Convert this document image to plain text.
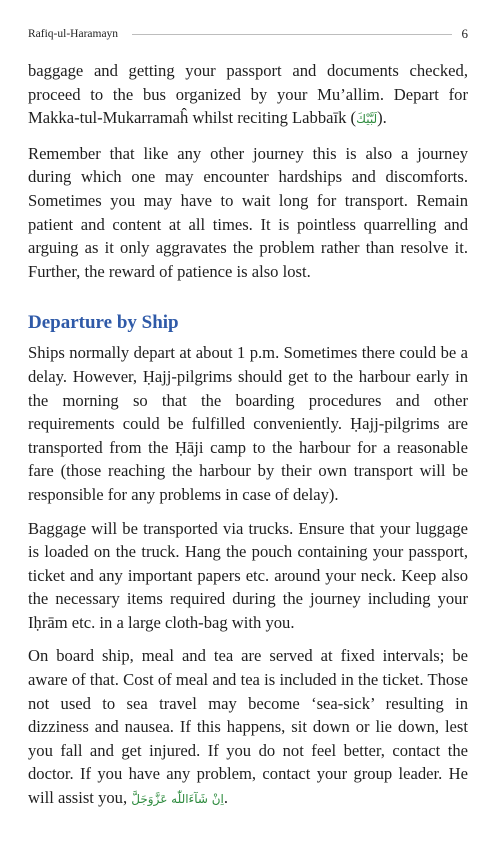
Rafiq-ul-Haramayn	6

baggage and getting your passport and documents checked, proceed to the bus organized by your Mu’allim. Depart for Makka-tul-Mukarramaĥ whilst reciting Labbaīk (لَبَّيْكَ).

Remember that like any other journey this is also a journey during which one may encounter hardships and discomforts. Sometimes you may have to wait long for transport. Remain patient and content at all times. It is pointless quarrelling and arguing as it only aggravates the problem rather than resolve it. Further, the reward of patience is also lost.

Departure by Ship

Ships normally depart at about 1 p.m. Sometimes there could be a delay. However, Ḥajj-pilgrims should get to the harbour early in the morning so that the boarding procedures and other requirements could be fulfilled conveniently. Ḥajj-pilgrims are transported from the Ḥāji camp to the harbour for a reasonable fare (those reaching the harbour by their own transport will be responsible for any problems in case of delay).

Baggage will be transported via trucks. Ensure that your luggage is loaded on the truck. Hang the pouch containing your passport, ticket and any important papers etc. around your neck. Keep also the necessary items required during the journey including your Iḥrām etc. in a large cloth-bag with you.

On board ship, meal and tea are served at fixed intervals; be aware of that. Cost of meal and tea is included in the ticket. Those not used to sea travel may become ‘sea-sick’ resulting in dizziness and nausea. If this happens, sit down or lie down, lest you fall and get injured. If you do not feel better, contact the doctor. If you have any problem, contact your group leader. He will assist you, اِنْ شَآءَاللّٰه عَزَّوَجَلَّ.
